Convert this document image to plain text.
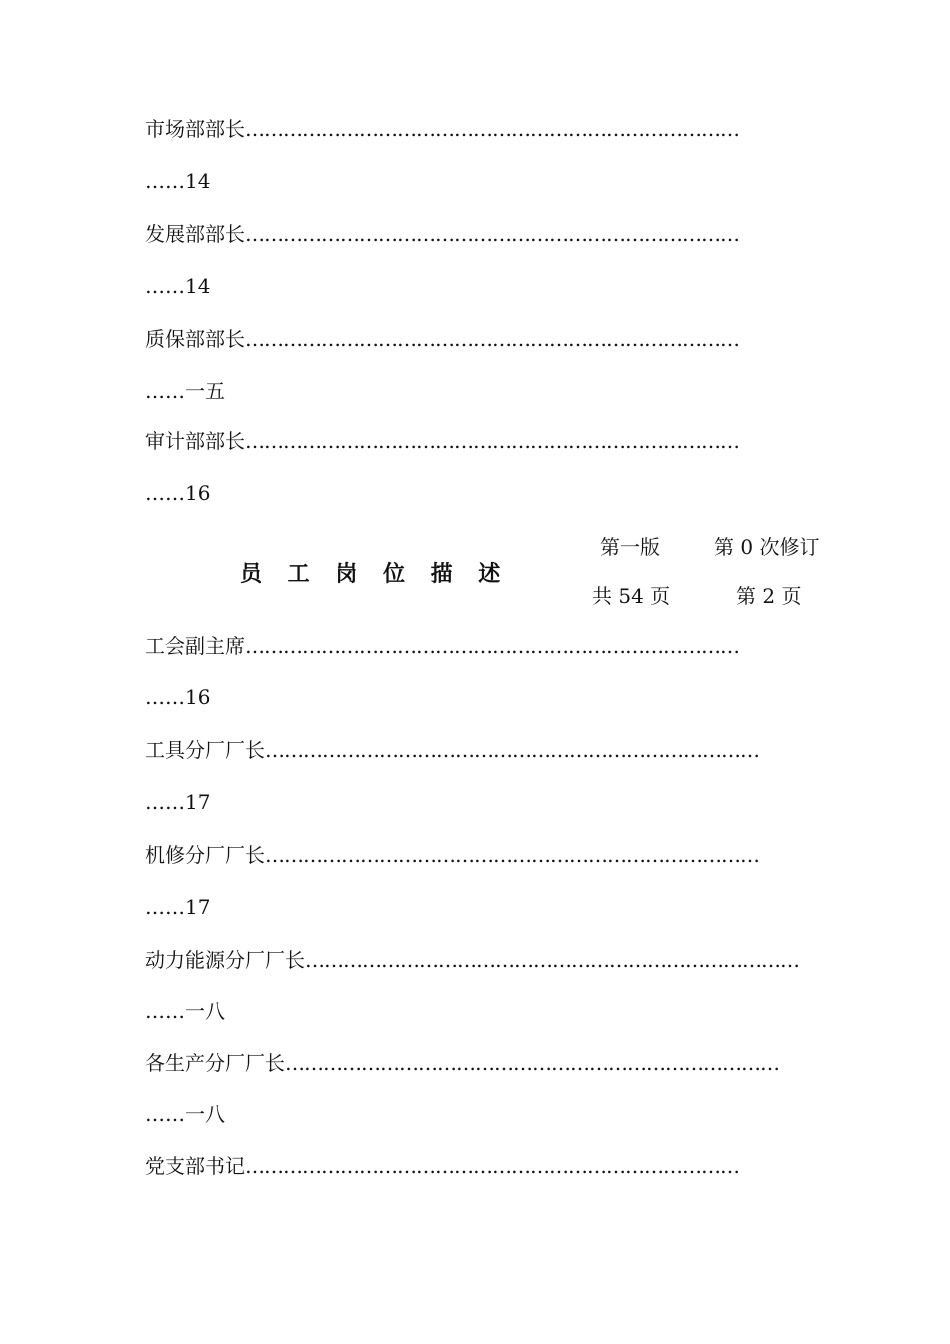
市场部部长……………………………………………………………………
……14
发展部部长……………………………………………………………………
……14
质保部部长……………………………………………………………………
……一五
审计部部长……………………………………………………………………
……16
员 工 岗 位 描 述
第一版	第 0 次修订
共 54 页	第 2 页
工会副主席……………………………………………………………………
……16
工具分厂厂长……………………………………………………………………
……17
机修分厂厂长……………………………………………………………………
……17
动力能源分厂厂长……………………………………………………………………
……一八
各生产分厂厂长……………………………………………………………………
……一八
党支部书记……………………………………………………………………
